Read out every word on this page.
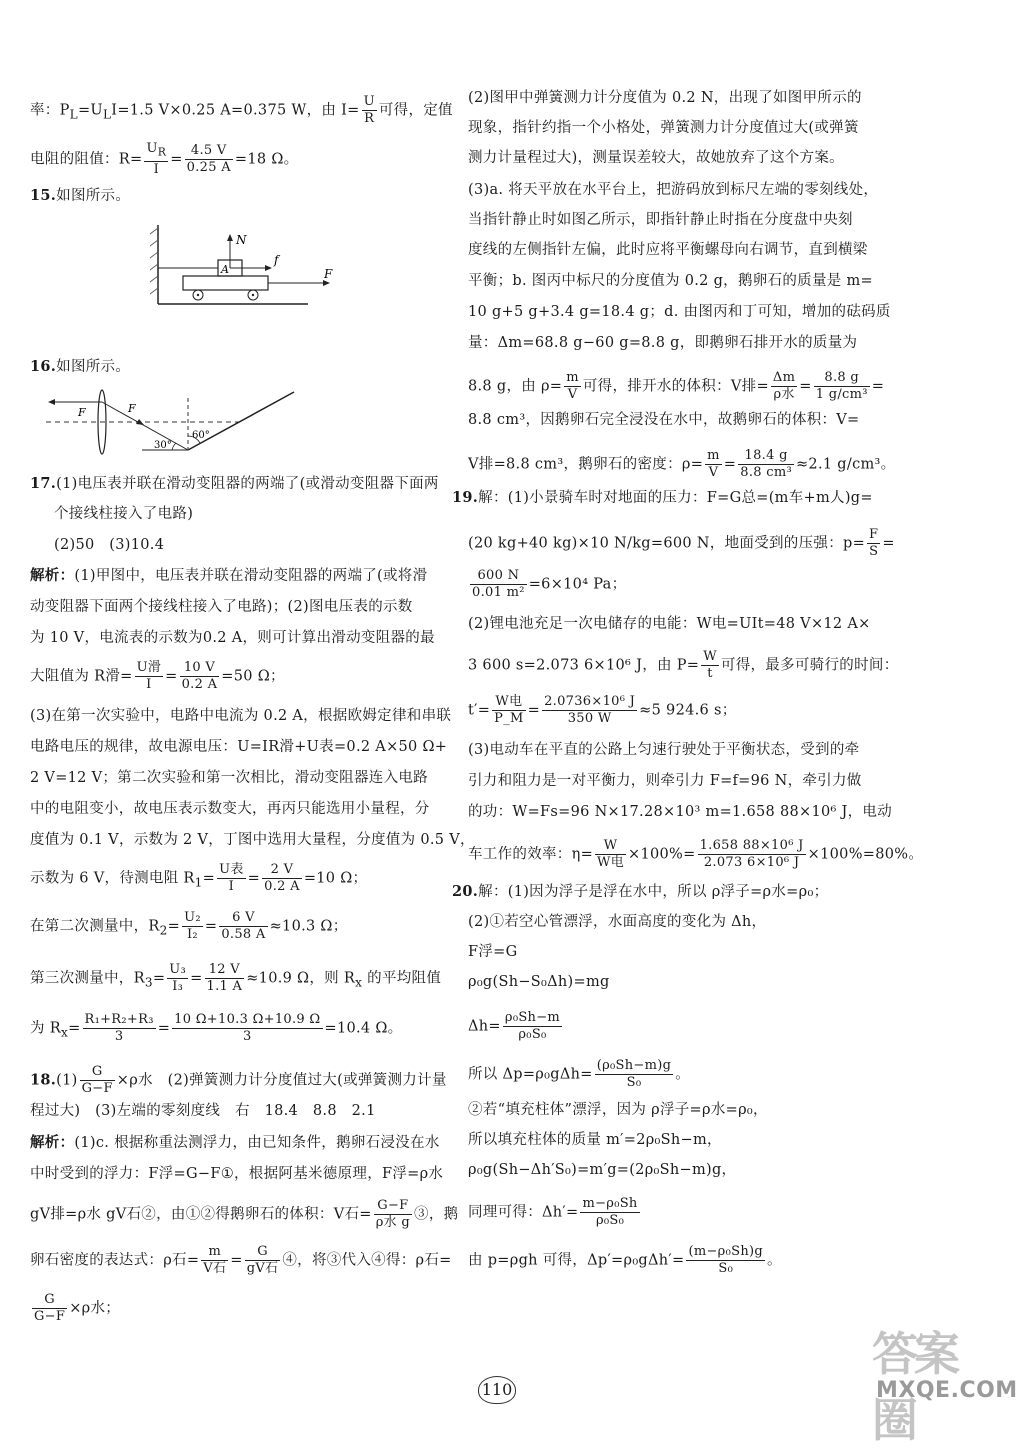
率：$P_L=U_LI=1.5$ V×0.25 A=0.375 W，由 $I= \frac{U}{R}$ 可得，定值
电阻的阻值：$R= \frac{U_R}{I} = \frac{4.5 V}{0.25 A} =18$ Ω。
15.如图所示。
N
A
f
F
16.如图所示。
F	F
30°
60°
17.(1)电压表并联在滑动变阻器的两端了(或滑动变阻器下面两
个接线柱接入了电路)
(2)50　(3)10.4
解析：(1)甲图中，电压表并联在滑动变阻器的两端了(或将滑
动变阻器下面两个接线柱接入了电路)；(2)图电压表的示数
为 10 V，电流表的示数为0.2 A，则可计算出滑动变阻器的最
大阻值为 R滑= $\frac{\text{U滑}}{I} = \frac{10 V}{0.2 A} =50$ Ω；
(3)在第一次实验中，电路中电流为 0.2 A，根据欧姆定律和串联
电路电压的规律，故电源电压：U=IR滑+U表=0.2 A×50 Ω+
2 V=12 V；第二次实验和第一次相比，滑动变阻器连入电路
中的电阻变小，故电压表示数变大，再丙只能选用小量程，分
度值为 0.1 V，示数为 2 V，丁图中选用大量程，分度值为 0.5 V，
示数为 6 V，待测电阻 $R_1= \frac{\text{U表}}{I} = \frac{2 V}{0.2 A} =10$ Ω；
在第二次测量中，$R_2= \frac{\text{U₂}}{\text{I₂}} = \frac{6 V}{0.58 A} \approx 10.3$ Ω；
第三次测量中，$R_3= \frac{\text{U₃}}{\text{I₃}} = \frac{12 V}{1.1 A} \approx 10.9$ Ω，则 $R_x$ 的平均阻值
为 $R_x= \frac{\text{R₁+R₂+R₃}}{3} = \frac{10 \Omega+10.3 \Omega+10.9 \Omega}{3} =10.4$ Ω。
$18.(1) \frac{G}{G-F} \times\rho$水　(2)弹簧测力计分度值过大(或弹簧测力计量
程过大)　(3)左端的零刻度线　右　18.4　8.8　2.1
解析：(1)c. 根据称重法测浮力，由已知条件，鹅卵石浸没在水
中时受到的浮力：F浮=G−F①，根据阿基米德原理，F浮=ρ水
gV排=ρ水 gV石②，由①②得鹅卵石的体积：V石= $\frac{G-F}{\text{ρ水 g}}$ ③，鹅
卵石密度的表达式：ρ石= $\frac{m}{\text{V石}} = \frac{G}{\text{gV石}}$ ④，将③代入④得：ρ石=
$\frac{G}{G-F} \times\rho$水；
(2)图甲中弹簧测力计分度值为 0.2 N，出现了如图甲所示的
现象，指针约指一个小格处，弹簧测力计分度值过大(或弹簧
测力计量程过大)，测量误差较大，故她放弃了这个方案。
(3)a. 将天平放在水平台上，把游码放到标尺左端的零刻线处，
当指针静止时如图乙所示，即指针静止时指在分度盘中央刻
度线的左侧指针左偏，此时应将平衡螺母向右调节，直到横梁
平衡；b. 图丙中标尺的分度值为 0.2 g，鹅卵石的质量是 m=
10 g+5 g+3.4 g=18.4 g；d. 由图丙和丁可知，增加的砝码质
量：Δm=68.8 g−60 g=8.8 g，即鹅卵石排开水的质量为
8.8 g，由 $\rho= \frac{m}{V}$ 可得，排开水的体积：V排= $\frac{\Delta m}{\text{ρ水}} = \frac{8.8 g}{\text{1 g/cm³}}$ =
8.8 cm³，因鹅卵石完全浸没在水中，故鹅卵石的体积：V=
V排=8.8 cm³，鹅卵石的密度：$\rho= \frac{m}{V} = \frac{18.4 g}{\text{8.8 cm³}} \approx 2.1$ g/cm³。
19.解：(1)小景骑车时对地面的压力：F=G总=(m车+m人)g=
(20 kg+40 kg)×10 N/kg=600 N，地面受到的压强：$p= \frac{F}{S}$ =
$\frac{600 N}{\text{0.01 m²}} =6\times 10^4$ Pa；
(2)锂电池充足一次电储存的电能：W电=UIt=48 V×12 A×
3 600 s=2.073 6×10⁶ J，由 $P= \frac{W}{t}$ 可得，最多可骑行的时间：
$t'= \frac{\text{W电}}{P\_M} = \frac{\text{2.0736×10⁶ J}}{350 W} \approx 5$ 924.6 s；
(3)电动车在平直的公路上匀速行驶处于平衡状态，受到的牵
引力和阻力是一对平衡力，则牵引力 F=f=96 N，牵引力做
的功：W=Fs=96 N×17.28×10³ m=1.658 88×10⁶ J，电动
车工作的效率：$\eta= \frac{W}{\text{W电}} \times 100\%= \frac{\text{1.658 88×10⁶ J}}{\text{2.073 6×10⁶ J}} \times 100\%=80\%$。
20.解：(1)因为浮子是浮在水中，所以 ρ浮子=ρ水=ρ₀；
(2)①若空心管漂浮，水面高度的变化为 Δh，
F浮=G
ρ₀g(Sh−S₀Δh)=mg
$\Delta h= \frac{\text{ρ₀Sh−m}}{\text{ρ₀S₀}}$
所以 $\Delta p=\rho_0g\Delta h= \frac{\text{(ρ₀Sh−m)g}}{\text{S₀}}$ 。
②若“填充柱体”漂浮，因为 ρ浮子=ρ水=ρ₀，
所以填充柱体的质量 m′=2ρ₀Sh−m，
ρ₀g(Sh−Δh′S₀)=m′g=(2ρ₀Sh−m)g，
同理可得：$\Delta h'= \frac{\text{m−ρ₀Sh}}{\text{ρ₀S₀}}$
由 p=ρgh 可得，$\Delta p'=\rho_0g\Delta h'= \frac{\text{(m−ρ₀Sh)g}}{\text{S₀}}$ 。
110
答案圈
MXQE.COM
